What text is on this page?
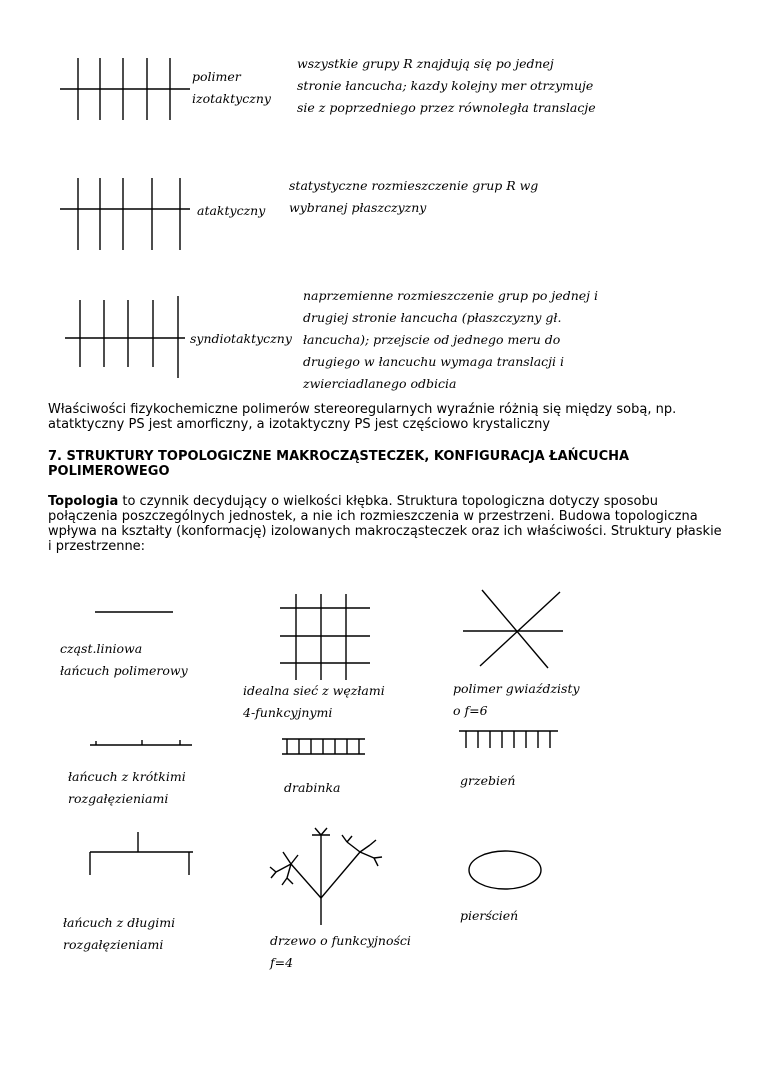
polimer
izotaktyczny
wszystkie grupy R znajdują się po jednej
stronie łancucha; kazdy kolejny mer otrzymuje
sie z poprzedniego przez równoległa translacje
ataktyczny
statystyczne rozmieszczenie grup R wg
wybranej płaszczyzny
syndiotaktyczny
naprzemienne rozmieszczenie grup po jednej i
drugiej stronie łancucha (płaszczyzny gł.
łancucha); przejscie od jednego meru do
drugiego w łancuchu wymaga translacji i
zwierciadlanego odbicia
Właściwości fizykochemiczne polimerów stereoregularnych wyraźnie różnią się między sobą, np. atatktyczny PS jest amorficzny, a izotaktyczny PS jest częściowo krystaliczny
7. STRUKTURY TOPOLOGICZNE MAKROCZĄSTECZEK, KONFIGURACJA ŁAŃCUCHA POLIMEROWEGO
Topologia to czynnik decydujący o wielkości kłębka. Struktura topologiczna dotyczy sposobu połączenia poszczególnych jednostek, a nie ich rozmieszczenia w przestrzeni. Budowa topologiczna wpływa na kształty (konformację) izolowanych makrocząsteczek oraz ich właściwości. Struktury płaskie i przestrzenne:
cząst.liniowa
łańcuch polimerowy
idealna sieć z węzłami
4-funkcyjnymi
polimer gwiaździsty
o f=6
łańcuch z krótkimi
rozgałęzieniami
drabinka	grzebień
łańcuch z długimi
rozgałęzieniami	drzewo o funkcyjności
f=4
pierścień
